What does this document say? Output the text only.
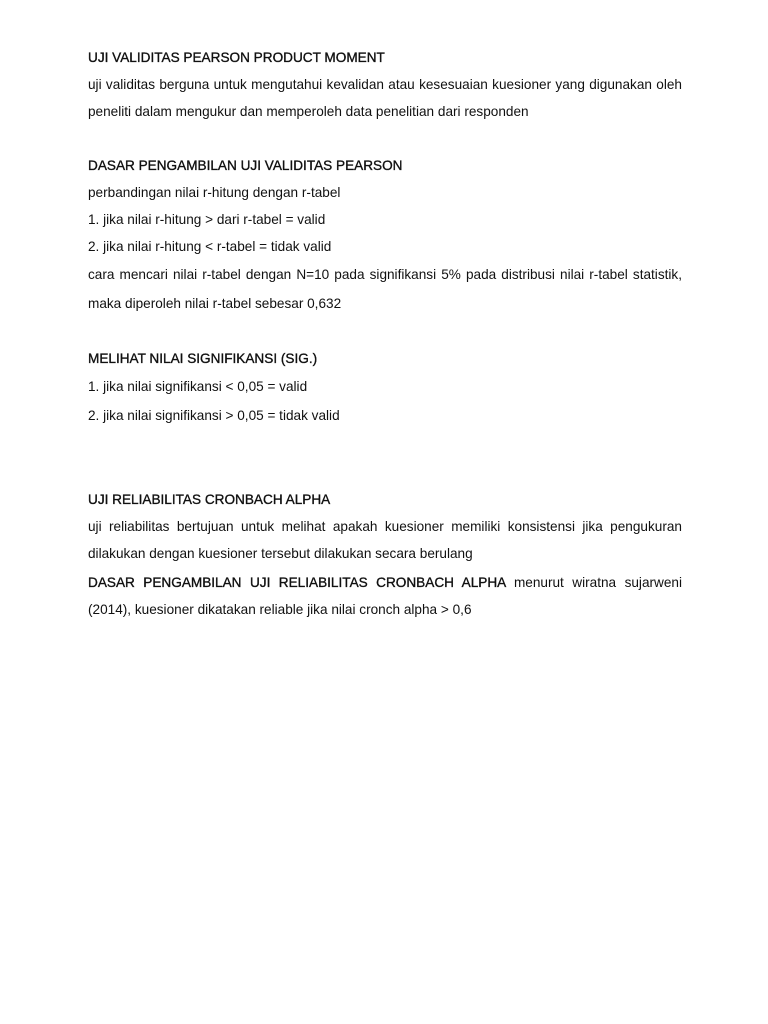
UJI VALIDITAS PEARSON PRODUCT MOMENT

uji validitas berguna untuk mengutahui kevalidan atau kesesuaian kuesioner yang digunakan oleh peneliti dalam mengukur dan memperoleh data penelitian dari responden

DASAR PENGAMBILAN UJI VALIDITAS PEARSON

perbandingan nilai r-hitung dengan r-tabel

1. jika nilai r-hitung > dari r-tabel = valid

2. jika nilai r-hitung < r-tabel = tidak valid

cara mencari nilai r-tabel dengan N=10 pada signifikansi 5% pada distribusi nilai r-tabel statistik, maka diperoleh nilai r-tabel sebesar 0,632

MELIHAT NILAI SIGNIFIKANSI (SIG.)

1. jika nilai signifikansi < 0,05 = valid

2. jika nilai signifikansi > 0,05 = tidak valid

UJI RELIABILITAS CRONBACH ALPHA

uji reliabilitas bertujuan untuk melihat apakah kuesioner memiliki konsistensi jika pengukuran dilakukan dengan kuesioner tersebut dilakukan secara berulang

DASAR PENGAMBILAN UJI RELIABILITAS CRONBACH ALPHA menurut wiratna sujarweni (2014), kuesioner dikatakan reliable jika nilai cronch alpha > 0,6
